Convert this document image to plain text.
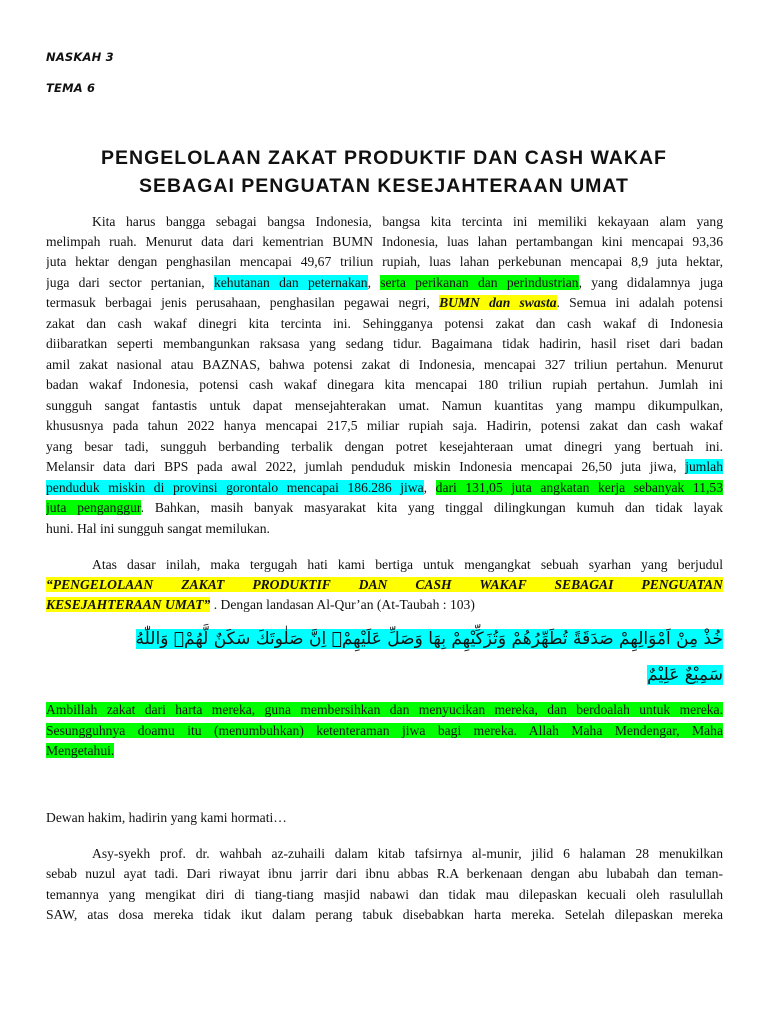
NASKAH 3
TEMA 6
PENGELOLAAN ZAKAT PRODUKTIF DAN CASH WAKAF
SEBAGAI PENGUATAN KESEJAHTERAAN UMAT
Kita harus bangga sebagai bangsa Indonesia, bangsa kita tercinta ini memiliki kekayaan alam yang
melimpah ruah. Menurut data dari kementrian BUMN Indonesia, luas lahan pertambangan kini mencapai 93,36
juta hektar dengan penghasilan mencapai 49,67 triliun rupiah, luas lahan perkebunan mencapai 8,9 juta hektar,
juga dari sector pertanian, kehutanan dan peternakan, serta perikanan dan perindustrian, yang didalamnya juga
termasuk berbagai jenis perusahaan, penghasilan pegawai negri, BUMN dan swasta. Semua ini adalah potensi
zakat dan cash wakaf dinegri kita tercinta ini. Sehingganya potensi zakat dan cash wakaf di Indonesia
diibaratkan seperti membangunkan raksasa yang sedang tidur. Bagaimana tidak hadirin, hasil riset dari badan
amil zakat nasional atau BAZNAS, bahwa potensi zakat di Indonesia, mencapai 327 triliun pertahun. Menurut
badan wakaf Indonesia, potensi cash wakaf dinegara kita mencapai 180 triliun rupiah pertahun. Jumlah ini
sungguh sangat fantastis untuk dapat mensejahterakan umat. Namun kuantitas yang mampu dikumpulkan,
khususnya pada tahun 2022 hanya mencapai 217,5 miliar rupiah saja. Hadirin, potensi zakat dan cash wakaf
yang besar tadi, sungguh berbanding terbalik dengan potret kesejahteraan umat dinegri yang bertuah ini.
Melansir data dari BPS pada awal 2022, jumlah penduduk miskin Indonesia mencapai 26,50 juta jiwa, jumlah
penduduk miskin di provinsi gorontalo mencapai 186.286 jiwa, dari 131,05 juta angkatan kerja sebanyak 11,53
juta penganggur. Bahkan, masih banyak masyarakat kita yang tinggal dilingkungan kumuh dan tidak layak
huni. Hal ini sungguh sangat memilukan.
Atas dasar inilah, maka tergugah hati kami bertiga untuk mengangkat sebuah syarhan yang berjudul
“PENGELOLAAN ZAKAT PRODUKTIF DAN CASH WAKAF SEBAGAI PENGUATAN
KESEJAHTERAAN UMAT” . Dengan landasan Al-Qur’an (At-Taubah : 103)
خُذْ مِنْ اَمْوَالِهِمْ صَدَقَةً تُطَهِّرُهُمْ وَتُزَكِّيْهِمْ بِهَا وَصَلِّ عَلَيْهِمْۗ اِنَّ صَلٰوتَكَ سَكَنٌ لَّهُمْۗ وَاللّٰهُ
سَمِيْعٌ عَلِيْمٌ
Ambillah zakat dari harta mereka, guna membersihkan dan menyucikan mereka, dan berdoalah untuk mereka.
Sesungguhnya doamu itu (menumbuhkan) ketenteraman jiwa bagi mereka. Allah Maha Mendengar, Maha
Mengetahui.
Dewan hakim, hadirin yang kami hormati…
Asy-syekh prof. dr. wahbah az-zuhaili dalam kitab tafsirnya al-munir, jilid 6 halaman 28 menukilkan
sebab nuzul ayat tadi. Dari riwayat ibnu jarrir dari ibnu abbas R.A berkenaan dengan abu lubabah dan teman-
temannya yang mengikat diri di tiang-tiang masjid nabawi dan tidak mau dilepaskan kecuali oleh rasulullah
SAW, atas dosa mereka tidak ikut dalam perang tabuk disebabkan harta mereka. Setelah dilepaskan mereka
